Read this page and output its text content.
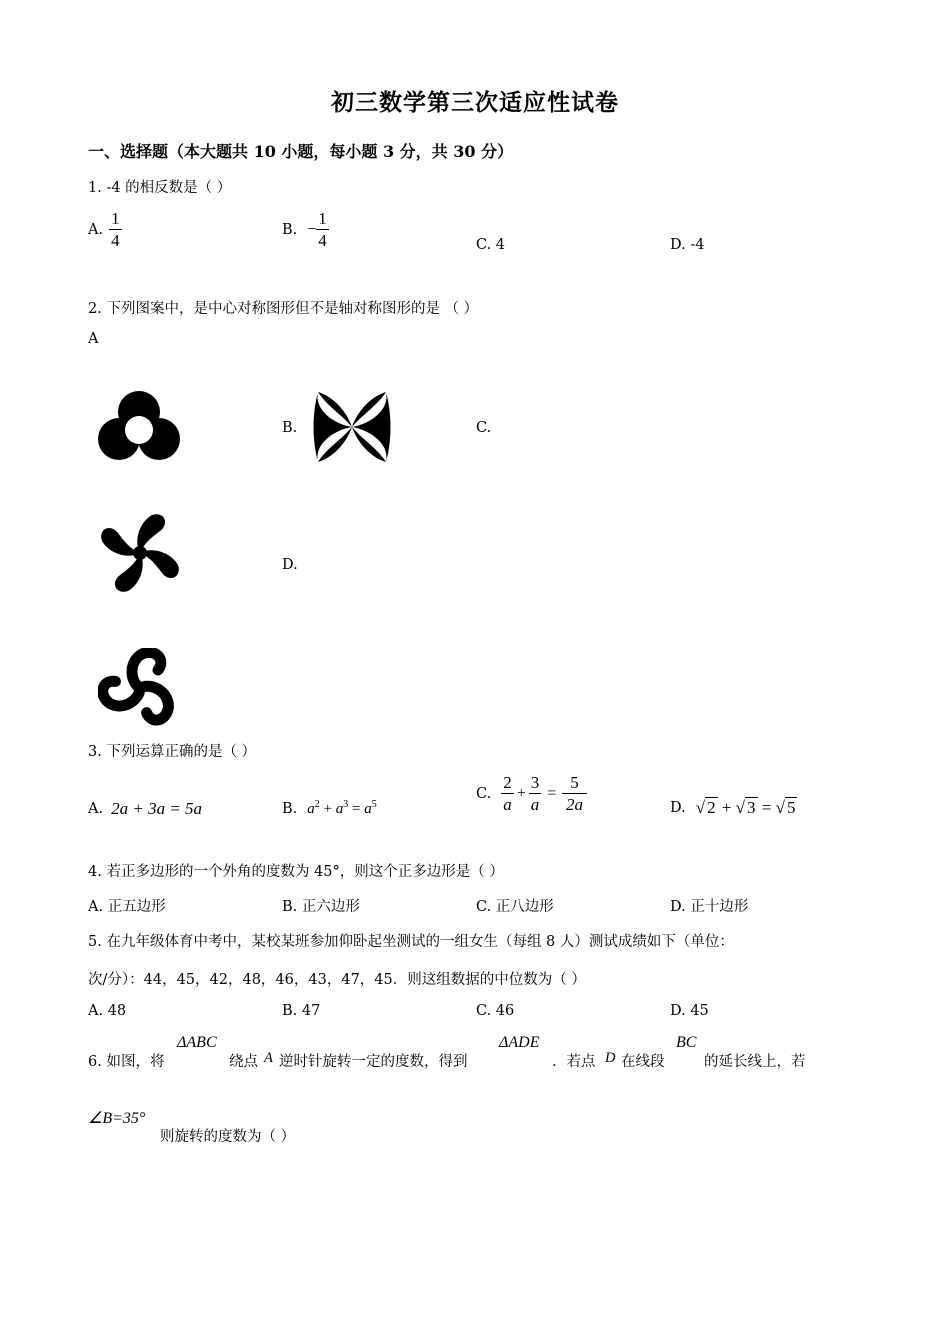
初三数学第三次适应性试卷
一、选择题（本大题共 10 小题，每小题 3 分，共 30 分）
1. -4 的相反数是（ ）
A. $\frac{1}{4}$	B. − $\frac{1}{4}$	C. 4	D. -4
2. 下列图案中，是中心对称图形但不是轴对称图形的是 （ ）
A
B.	C.
D.
3. 下列运算正确的是（ ）
A. 2a + 3a = 5a	B. $a^2 + a^3 = a^5$
C. $\frac{2}{a} + \frac{3}{a} = \frac{5}{2a}$	D. √ 2 + √ 3 = √ 5
4. 若正多边形的一个外角的度数为 45°，则这个正多边形是（ ）
A. 正五边形	B. 正六边形	C. 正八边形	D. 正十边形
5. 在九年级体育中考中，某校某班参加仰卧起坐测试的一组女生（每组 8 人）测试成绩如下（单位：
次/分）：44，45，42，48，46，43，47，45．则这组数据的中位数为（ ）
A. 48	B. 47	C. 46	D. 45
6. 如图，将
ΔABC
绕点 A 逆时针旋转一定的度数，得到
ΔADE
．若点 D 在线段
BC
的延长线上，若
∠B=35°
则旋转的度数为（ ）
